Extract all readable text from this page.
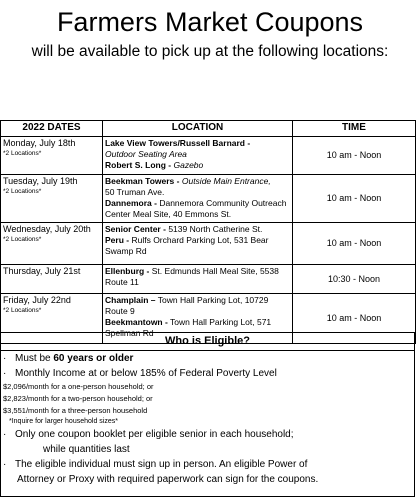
Farmers Market Coupons
will be available to pick up at the following locations:
2022 DATES	LOCATION	TIME
Monday, July 18th
*2 Locations*	Lake View Towers/Russell Barnard -
Outdoor Seating Area
Robert S. Long - Gazebo	10 am - Noon
Tuesday, July 19th
*2 Locations*	Beekman Towers - Outside Main Entrance,
50 Truman Ave.
Dannemora - Dannemora Community Outreach Center Meal Site, 40 Emmons St.	10 am - Noon
Wednesday, July 20th
*2 Locations*	Senior Center - 5139 North Catherine St.
Peru - Rulfs Orchard Parking Lot, 531 Bear Swamp Rd	10 am - Noon
Thursday, July 21st	Ellenburg - St. Edmunds Hall Meal Site, 5538 Route 11	10:30 - Noon
Friday, July 22nd
*2 Locations*	Champlain – Town Hall Parking Lot, 10729 Route 9
Beekmantown - Town Hall Parking Lot, 571 Spellman Rd	10 am - Noon
Who is Eligible?
· Must be 60 years or older
· Monthly Income at or below 185% of Federal Poverty Level
$2,096/month for a one-person household; or
$2,823/month for a two-person household; or
$3,551/month for a three-person household
*Inquire for larger household sizes*
· Only one coupon booklet per eligible senior in each household;
while quantities last
· The eligible individual must sign up in person. An eligible Power of
Attorney or Proxy with required paperwork can sign for the coupons.
